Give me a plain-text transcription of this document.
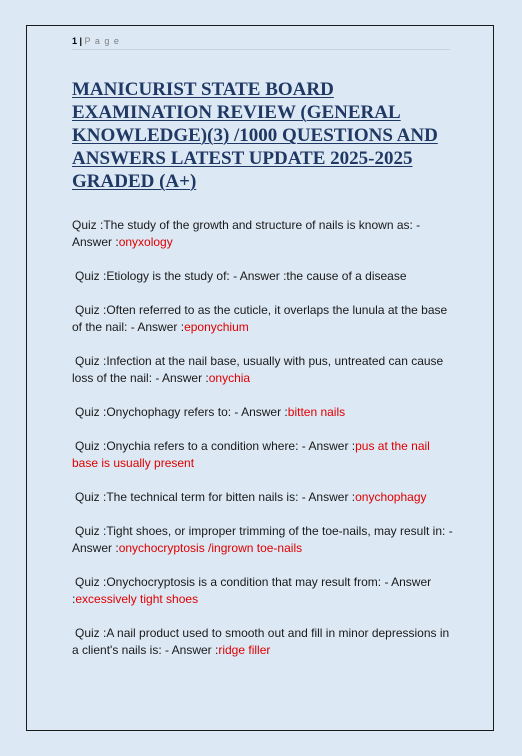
1 | P a g e
MANICURIST STATE BOARD EXAMINATION REVIEW (GENERAL KNOWLEDGE)(3) /1000 QUESTIONS AND ANSWERS LATEST UPDATE 2025-2025 GRADED (A+)

Quiz :The study of the growth and structure of nails is known as: - Answer :onyxology

Quiz :Etiology is the study of: - Answer :the cause of a disease

Quiz :Often referred to as the cuticle, it overlaps the lunula at the base of the nail: - Answer :eponychium

Quiz :Infection at the nail base, usually with pus, untreated can cause loss of the nail: - Answer :onychia

Quiz :Onychophagy refers to: - Answer :bitten nails

Quiz :Onychia refers to a condition where: - Answer :pus at the nail base is usually present

Quiz :The technical term for bitten nails is: - Answer :onychophagy

Quiz :Tight shoes, or improper trimming of the toe-nails, may result in: - Answer :onychocryptosis /ingrown toe-nails

Quiz :Onychocryptosis is a condition that may result from: - Answer :excessively tight shoes

Quiz :A nail product used to smooth out and fill in minor depressions in a client's nails is: - Answer :ridge filler
